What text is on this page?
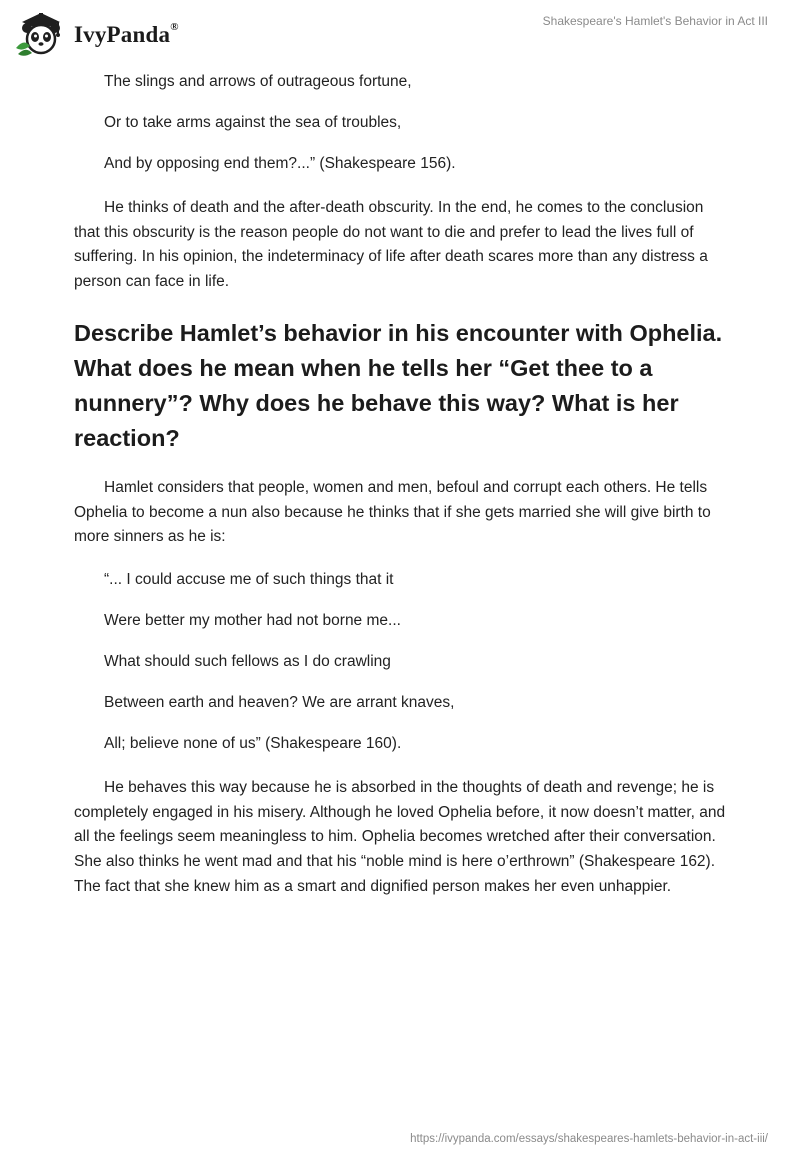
IvyPanda®	Shakespeare's Hamlet's Behavior in Act III

The slings and arrows of outrageous fortune,

Or to take arms against the sea of troubles,

And by opposing end them?...” (Shakespeare 156).

He thinks of death and the after-death obscurity. In the end, he comes to the conclusion that this obscurity is the reason people do not want to die and prefer to lead the lives full of suffering. In his opinion, the indeterminacy of life after death scares more than any distress a person can face in life.

Describe Hamlet’s behavior in his encounter with Ophelia. What does he mean when he tells her “Get thee to a nunnery”? Why does he behave this way? What is her reaction?

Hamlet considers that people, women and men, befoul and corrupt each others. He tells Ophelia to become a nun also because he thinks that if she gets married she will give birth to more sinners as he is:

“... I could accuse me of such things that it

Were better my mother had not borne me...

What should such fellows as I do crawling

Between earth and heaven? We are arrant knaves,

All; believe none of us” (Shakespeare 160).

He behaves this way because he is absorbed in the thoughts of death and revenge; he is completely engaged in his misery. Although he loved Ophelia before, it now doesn’t matter, and all the feelings seem meaningless to him. Ophelia becomes wretched after their conversation. She also thinks he went mad and that his “noble mind is here o’erthrown” (Shakespeare 162). The fact that she knew him as a smart and dignified person makes her even unhappier.

https://ivypanda.com/essays/shakespeares-hamlets-behavior-in-act-iii/
